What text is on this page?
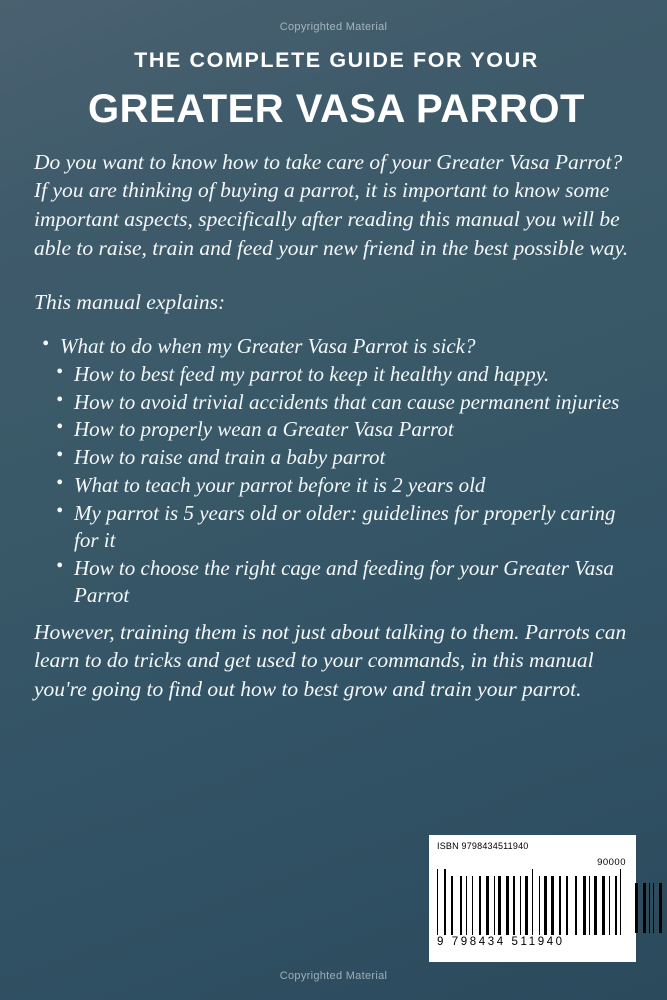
Copyrighted Material
THE COMPLETE GUIDE FOR YOUR
GREATER VASA PARROT
Do you want to know how to take care of your Greater Vasa Parrot? If you are thinking of buying a parrot, it is important to know some important aspects, specifically after reading this manual you will be able to raise, train and feed your new friend in the best possible way.
This manual explains:
• What to do when my Greater Vasa Parrot is sick?
• How to best feed my parrot to keep it healthy and happy.
• How to avoid trivial accidents that can cause permanent injuries
• How to properly wean a Greater Vasa Parrot
• How to raise and train a baby parrot
• What to teach your parrot before it is 2 years old
• My parrot is 5 years old or older: guidelines for properly caring for it
• How to choose the right cage and feeding for your Greater Vasa Parrot
However, training them is not just about talking to them. Parrots can learn to do tricks and get used to your commands, in this manual you're going to find out how to best grow and train your parrot.
ISBN 9798434511940
90000
9 798434 511940
Copyrighted Material
